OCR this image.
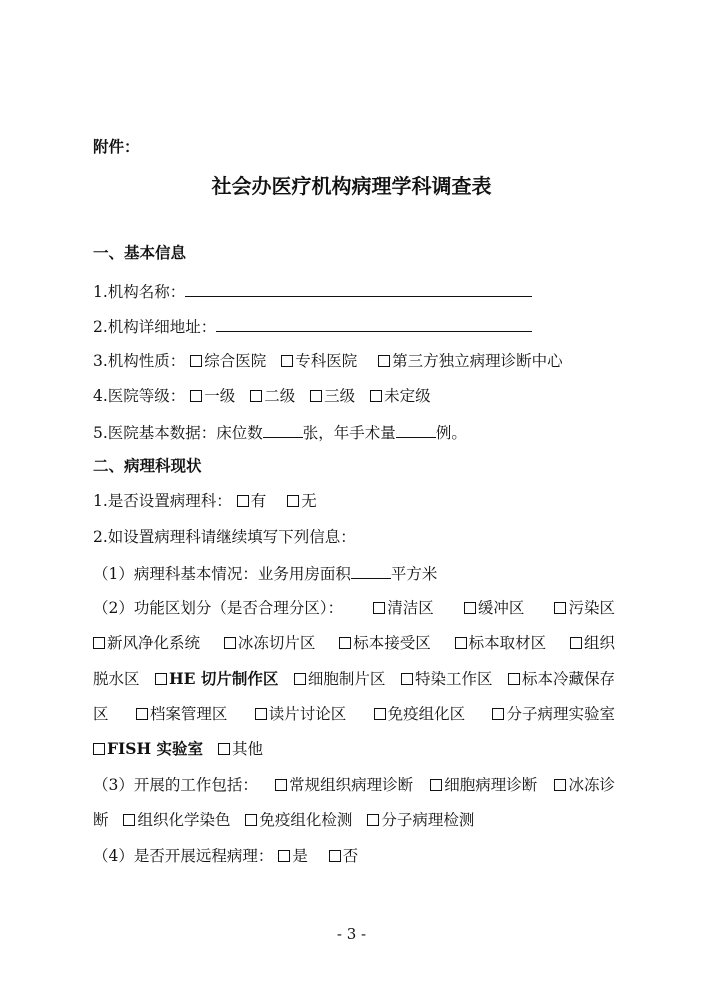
附件：
社会办医疗机构病理学科调查表
一、基本信息
1.机构名称：
2.机构详细地址：
3.机构性质： 综合医院 专科医院 第三方独立病理诊断中心
4.医院等级： 一级 二级 三级 未定级
5.医院基本数据：床位数	张，年手术量	例。
二、病理科现状
1.是否设置病理科： 有 无
2.如设置病理科请继续填写下列信息：
（1）病理科基本情况：业务用房面积	平方米
（2）功能区划分（是否合理分区）：	清洁区	缓冲区	污染区
新风净化系统	冰冻切片区	标本接受区	标本取材区	组织
脱水区	HE 切片制作区	细胞制片区	特染工作区	标本冷藏保存
区	档案管理区	读片讨论区	免疫组化区	分子病理实验室
FISH 实验室 其他
（3）开展的工作包括：	常规组织病理诊断	细胞病理诊断	冰冻诊
断 组织化学染色 免疫组化检测 分子病理检测
（4）是否开展远程病理： 是 否
- 3 -
